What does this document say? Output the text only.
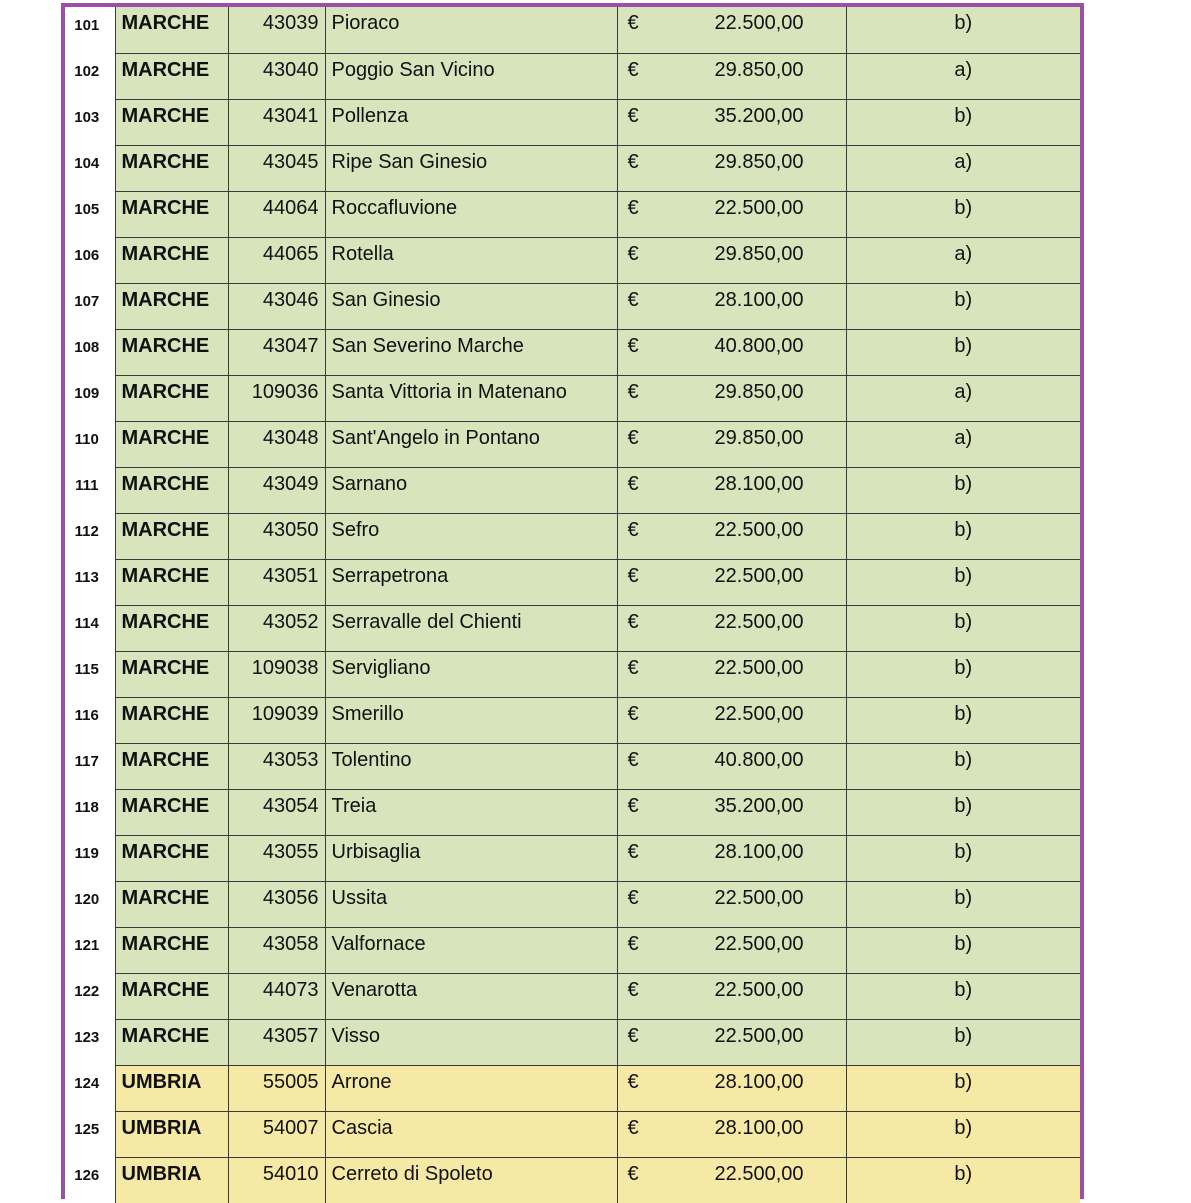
101	MARCHE	43039	Pioraco	€ 22.500,00	b)

102	MARCHE	43040	Poggio San Vicino	€ 29.850,00	a)

103	MARCHE	43041	Pollenza	€ 35.200,00	b)

104	MARCHE	43045	Ripe San Ginesio	€ 29.850,00	a)

105	MARCHE	44064	Roccafluvione	€ 22.500,00	b)

106	MARCHE	44065	Rotella	€ 29.850,00	a)

107	MARCHE	43046	San Ginesio	€ 28.100,00	b)

108	MARCHE	43047	San Severino Marche	€ 40.800,00	b)

109	MARCHE	109036	Santa Vittoria in Matenano	€ 29.850,00	a)

110	MARCHE	43048	Sant'Angelo in Pontano	€ 29.850,00	a)

111	MARCHE	43049	Sarnano	€ 28.100,00	b)

112	MARCHE	43050	Sefro	€ 22.500,00	b)

113	MARCHE	43051	Serrapetrona	€ 22.500,00	b)

114	MARCHE	43052	Serravalle del Chienti	€ 22.500,00	b)

115	MARCHE	109038	Servigliano	€ 22.500,00	b)

116	MARCHE	109039	Smerillo	€ 22.500,00	b)

117	MARCHE	43053	Tolentino	€ 40.800,00	b)

118	MARCHE	43054	Treia	€ 35.200,00	b)

119	MARCHE	43055	Urbisaglia	€ 28.100,00	b)

120	MARCHE	43056	Ussita	€ 22.500,00	b)

121	MARCHE	43058	Valfornace	€ 22.500,00	b)

122	MARCHE	44073	Venarotta	€ 22.500,00	b)

123	MARCHE	43057	Visso	€ 22.500,00	b)

124	UMBRIA	55005	Arrone	€ 28.100,00	b)

125	UMBRIA	54007	Cascia	€ 28.100,00	b)

126	UMBRIA	54010	Cerreto di Spoleto	€ 22.500,00	b)
